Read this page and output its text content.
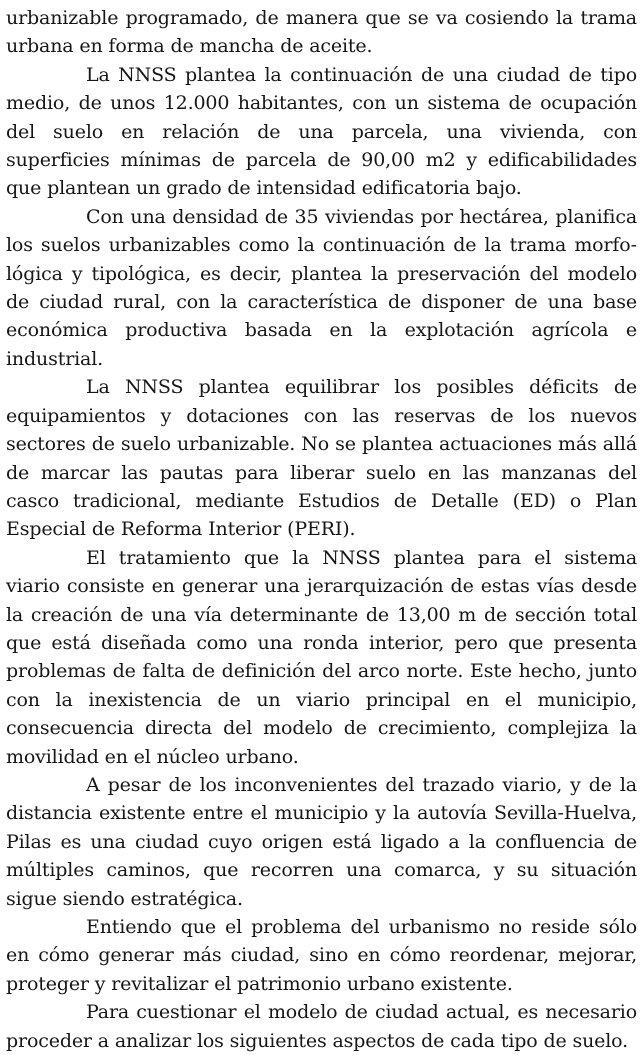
urbanizable programado, de manera que se va cosiendo la trama urbana en forma de mancha de aceite.

La NNSS plantea la continuación de una ciudad de tipo medio, de unos 12.000 habitantes, con un sistema de ocupación del suelo en relación de una parcela, una vivienda, con superficies mínimas de parcela de 90,00 m2 y edificabilidades que plantean un grado de intensidad edificatoria bajo.

Con una densidad de 35 viviendas por hectárea, planifica los suelos urbanizables como la continuación de la trama morfológica y tipológica, es decir, plantea la preservación del modelo de ciudad rural, con la característica de disponer de una base económica productiva basada en la explotación agrícola e industrial.

La NNSS plantea equilibrar los posibles déficits de equipamientos y dotaciones con las reservas de los nuevos sectores de suelo urbanizable. No se plantea actuaciones más allá de marcar las pautas para liberar suelo en las manzanas del casco tradicional, mediante Estudios de Detalle (ED) o Plan Especial de Reforma Interior (PERI).

El tratamiento que la NNSS plantea para el sistema viario consiste en generar una jerarquización de estas vías desde la creación de una vía determinante de 13,00 m de sección total que está diseñada como una ronda interior, pero que presenta problemas de falta de definición del arco norte. Este hecho, junto con la inexistencia de un viario principal en el municipio, consecuencia directa del modelo de crecimiento, complejiza la movilidad en el núcleo urbano.

A pesar de los inconvenientes del trazado viario, y de la distancia existente entre el municipio y la autovía Sevilla-Huelva, Pilas es una ciudad cuyo origen está ligado a la confluencia de múltiples caminos, que recorren una comarca, y su situación sigue siendo estratégica.

Entiendo que el problema del urbanismo no reside sólo en cómo generar más ciudad, sino en cómo reordenar, mejorar, proteger y revitalizar el patrimonio urbano existente.

Para cuestionar el modelo de ciudad actual, es necesario proceder a analizar los siguientes aspectos de cada tipo de suelo.
